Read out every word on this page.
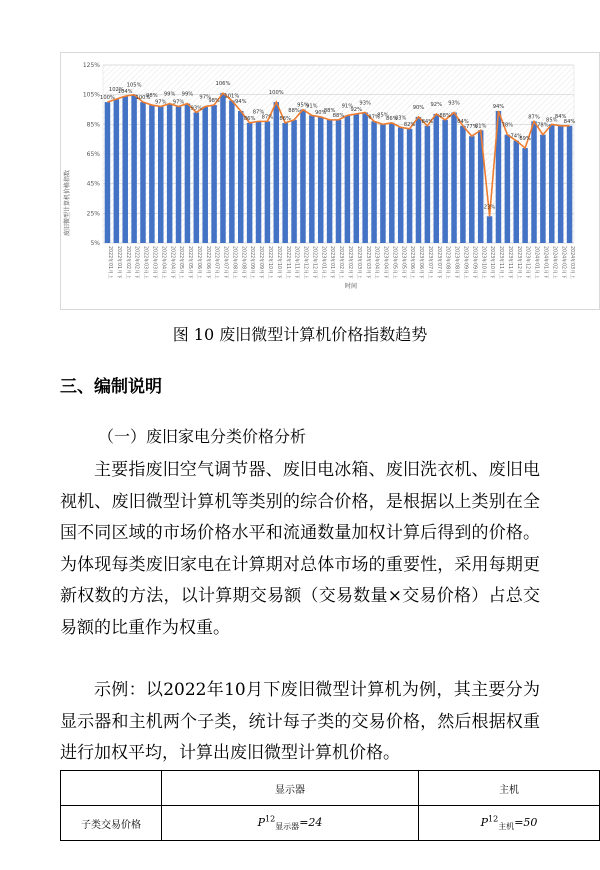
废旧微型计算机价格指数
时间
125%
105%
85%
65%
45%
25%
5%
100%
102%
104%
105%
100%
98%
97%
99%
97%
99%
93%
97%
98%
106%
101%
94%
86%
87%
87%
100%
86%
88%
95%
91%
90%
88%
88%
91%
92%
93%
87%
85%
86%
83%
82%
90%
84%
92%
88%
93%
84%
77%
81%
23%
94%
78%
74%
69%
87%
78%
85%
84%
84%
2022年01月上 2022年01月下 2022年02月上 2022年02月下 2022年03月上 2022年03月下 2022年04月上 2022年04月下 2022年05月上 2022年05月下 2022年06月上 2022年06月下 2022年07月上 2022年07月下 2022年08月上 2022年08月下 2022年09月上 2022年09月下 2022年10月上 2022年10月下 2022年11月上 2022年11月下 2022年12月上 2022年12月下 2023年01月上 2023年01月下 2023年02月上 2023年02月下 2023年03月上 2023年03月下 2023年04月上 2023年04月下 2023年05月上 2023年05月下 2023年06月上 2023年06月下 2023年07月上 2023年07月下 2023年08月上 2023年08月下 2023年09月上 2023年09月下 2023年10月上 2023年10月下 2023年11月上 2023年11月下 2023年12月上 2023年12月下 2024年01月上 2024年01月下 2024年02月上 2024年02月下 2024年03月上
图 10 废旧微型计算机价格指数趋势
三、编制说明
（一）废旧家电分类价格分析

主要指废旧空气调节器、废旧电冰箱、废旧洗衣机、废旧电视机、废旧微型计算机等类别的综合价格，是根据以上类别在全国不同区域的市场价格水平和流通数量加权计算后得到的价格。为体现每类废旧家电在计算期对总体市场的重要性，采用每期更新权数的方法，以计算期交易额（交易数量×交易价格）占总交易额的比重作为权重。

示例：以2022年10月下废旧微型计算机为例，其主要分为显示器和主机两个子类，统计每子类的交易价格，然后根据权重进行加权平均，计算出废旧微型计算机价格。

	显示器	主机
子类交易价格	$P^{12}_{显示器}=24$	$P^{12}_{主机}=50$
